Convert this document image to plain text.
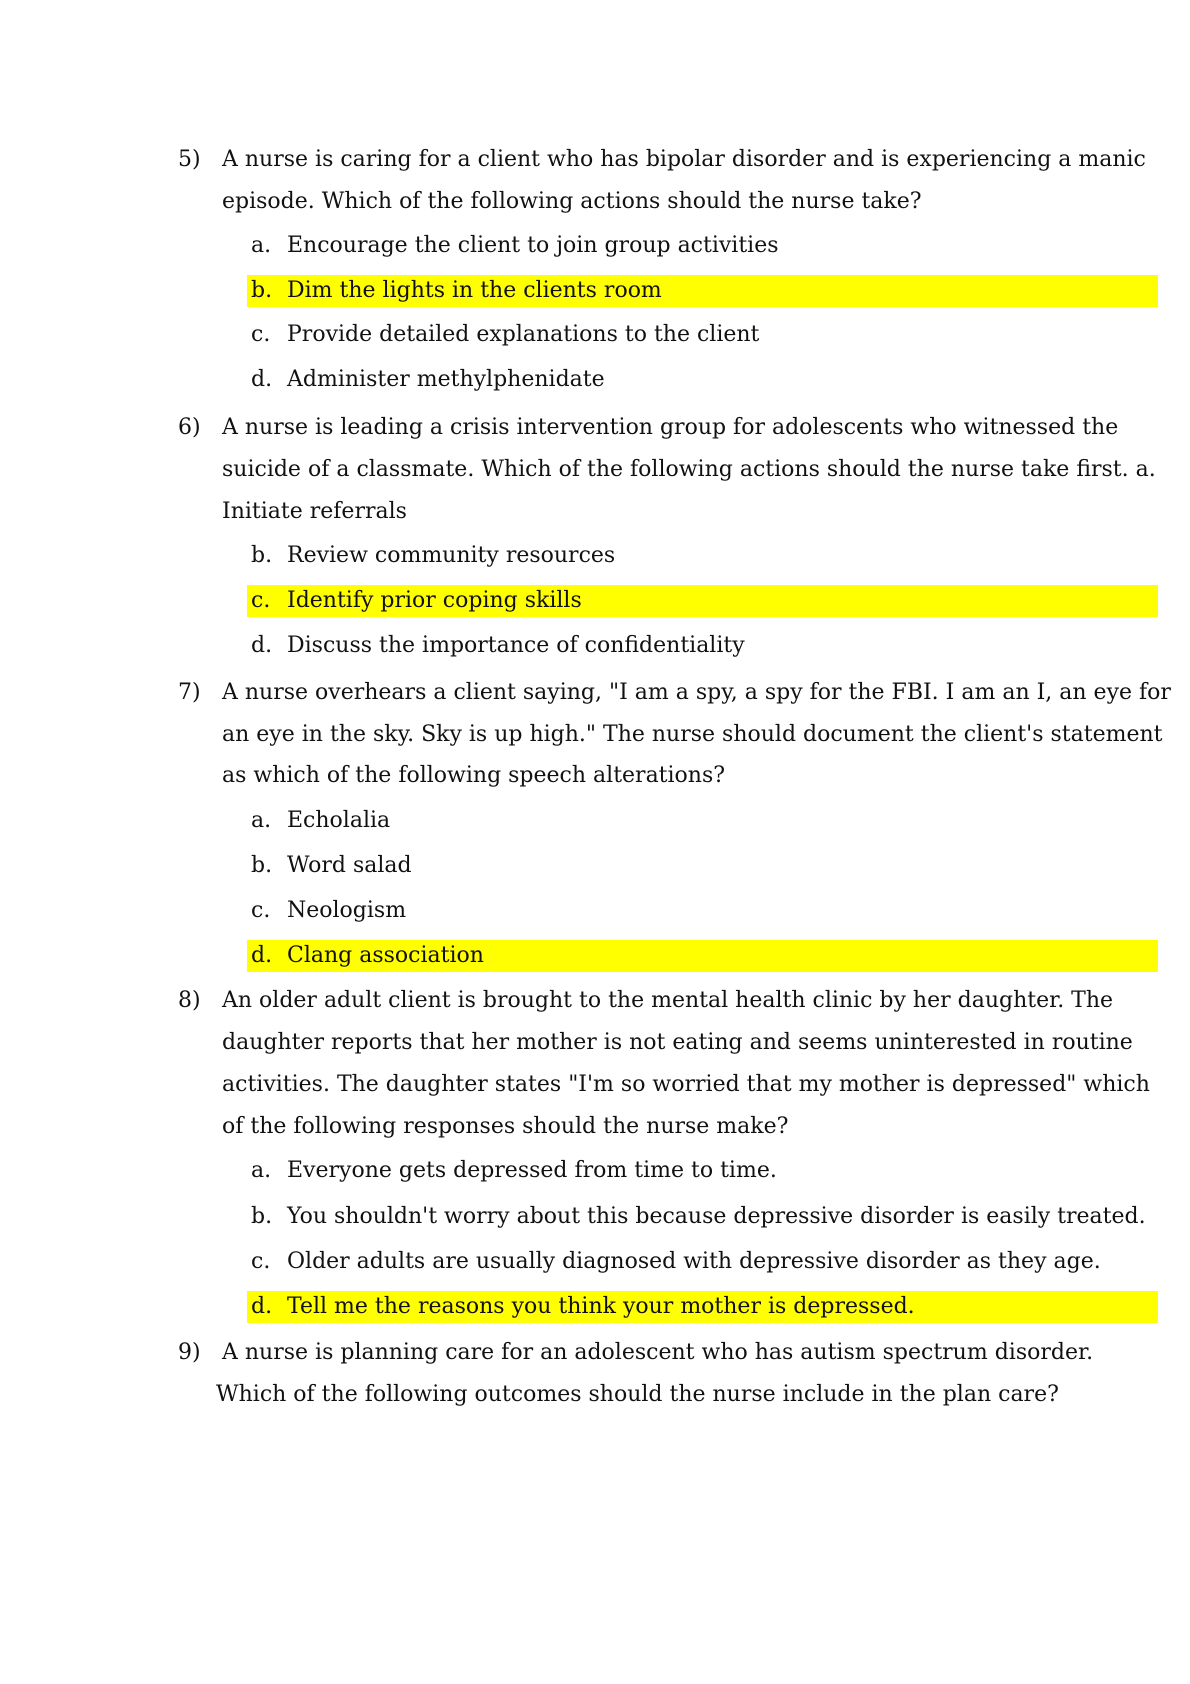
5) A nurse is caring for a client who has bipolar disorder and is experiencing a manic
episode. Which of the following actions should the nurse take?
a. Encourage the client to join group activities
b. Dim the lights in the clients room
c. Provide detailed explanations to the client
d. Administer methylphenidate
6) A nurse is leading a crisis intervention group for adolescents who witnessed the
suicide of a classmate. Which of the following actions should the nurse take first. a.
Initiate referrals
b. Review community resources
c. Identify prior coping skills
d. Discuss the importance of confidentiality
7) A nurse overhears a client saying, "I am a spy, a spy for the FBI. I am an I, an eye for
an eye in the sky. Sky is up high." The nurse should document the client's statement
as which of the following speech alterations?
a. Echolalia
b. Word salad
c. Neologism
d. Clang association
8) An older adult client is brought to the mental health clinic by her daughter. The
daughter reports that her mother is not eating and seems uninterested in routine
activities. The daughter states "I'm so worried that my mother is depressed" which
of the following responses should the nurse make?
a. Everyone gets depressed from time to time.
b. You shouldn't worry about this because depressive disorder is easily treated.
c. Older adults are usually diagnosed with depressive disorder as they age.
d. Tell me the reasons you think your mother is depressed.
9) A nurse is planning care for an adolescent who has autism spectrum disorder.
Which of the following outcomes should the nurse include in the plan care?
